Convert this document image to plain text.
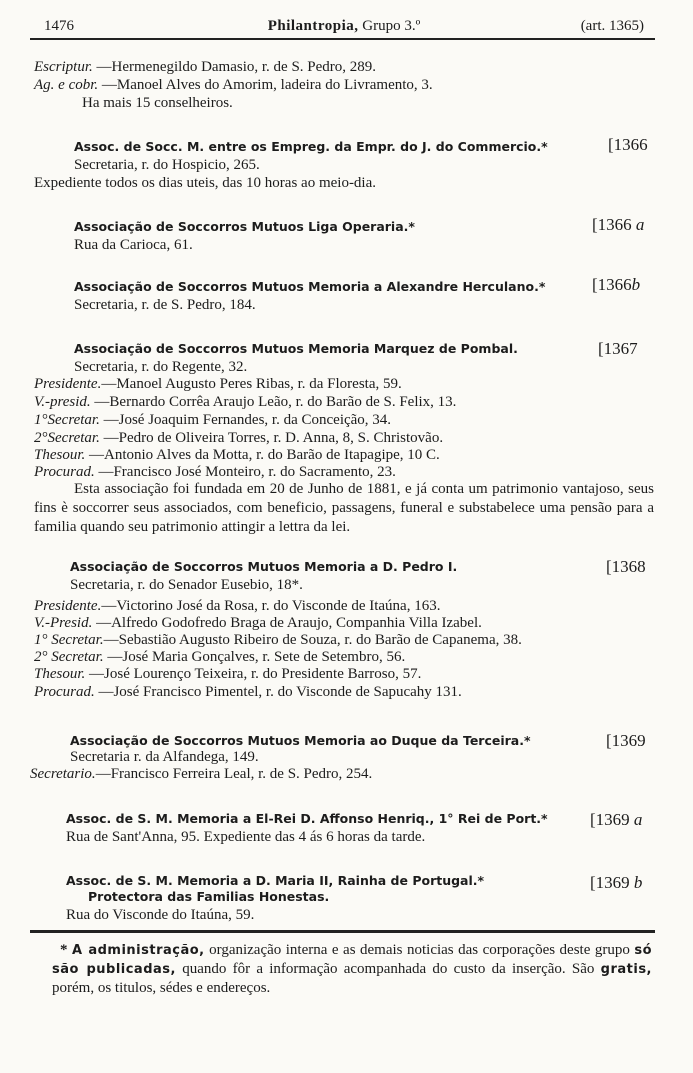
1476	Philantropia, Grupo 3.º	(art. 1365)
Escriptur. —Hermenegildo Damasio, r. de S. Pedro, 289.
Ag. e cobr. —Manoel Alves do Amorim, ladeira do Livramento, 3.
Ha mais 15 conselheiros.
Assoc. de Socc. M. entre os Empreg. da Empr. do J. do Commercio.*	[1366
Secretaria, r. do Hospicio, 265.
Expediente todos os dias uteis, das 10 horas ao meio-dia.
Associação de Soccorros Mutuos Liga Operaria.*	[1366 a
Rua da Carioca, 61.
Associação de Soccorros Mutuos Memoria a Alexandre Herculano.*	[1366b
Secretaria, r. de S. Pedro, 184.
Associação de Soccorros Mutuos Memoria Marquez de Pombal.	[1367
Secretaria, r. do Regente, 32.
Presidente.—Manoel Augusto Peres Ribas, r. da Floresta, 59.
V.-presid. —Bernardo Corrêa Araujo Leão, r. do Barão de S. Felix, 13.
1°Secretar. —José Joaquim Fernandes, r. da Conceição, 34.
2°Secretar. —Pedro de Oliveira Torres, r. D. Anna, 8, S. Christovão.
Thesour. —Antonio Alves da Motta, r. do Barão de Itapagipe, 10 C.
Procurad. —Francisco José Monteiro, r. do Sacramento, 23.
Esta associação foi fundada em 20 de Junho de 1881, e já conta um patrimonio vantajoso, seus fins è soccorrer seus associados, com beneficio, passagens, funeral e substabelece uma pensão para a familia quando seu patrimonio attingir a lettra da lei.
Associação de Soccorros Mutuos Memoria a D. Pedro I.	[1368
Secretaria, r. do Senador Eusebio, 18*.
Presidente.—Victorino José da Rosa, r. do Visconde de Itaúna, 163.
V.-Presid. —Alfredo Godofredo Braga de Araujo, Companhia Villa Izabel.
1° Secretar.—Sebastião Augusto Ribeiro de Souza, r. do Barão de Capanema, 38.
2° Secretar. —José Maria Gonçalves, r. Sete de Setembro, 56.
Thesour. —José Lourenço Teixeira, r. do Presidente Barroso, 57.
Procurad. —José Francisco Pimentel, r. do Visconde de Sapucahy 131.
Associação de Soccorros Mutuos Memoria ao Duque da Terceira.*	[1369
Secretaria r. da Alfandega, 149.
Secretario.—Francisco Ferreira Leal, r. de S. Pedro, 254.
Assoc. de S. M. Memoria a El-Rei D. Affonso Henriq., 1° Rei de Port.* [1369 a
Rua de Sant'Anna, 95. Expediente das 4 ás 6 horas da tarde.
Assoc. de S. M. Memoria a D. Maria II, Rainha de Portugal.*	[1369 b
Protectora das Familias Honestas.
Rua do Visconde do Itaúna, 59.
* A administração, organização interna e as demais noticias das corporações deste grupo só são publicadas, quando fôr a informação acompanhada do custo da inserção. São gratis, porém, os titulos, sédes e endereços.
